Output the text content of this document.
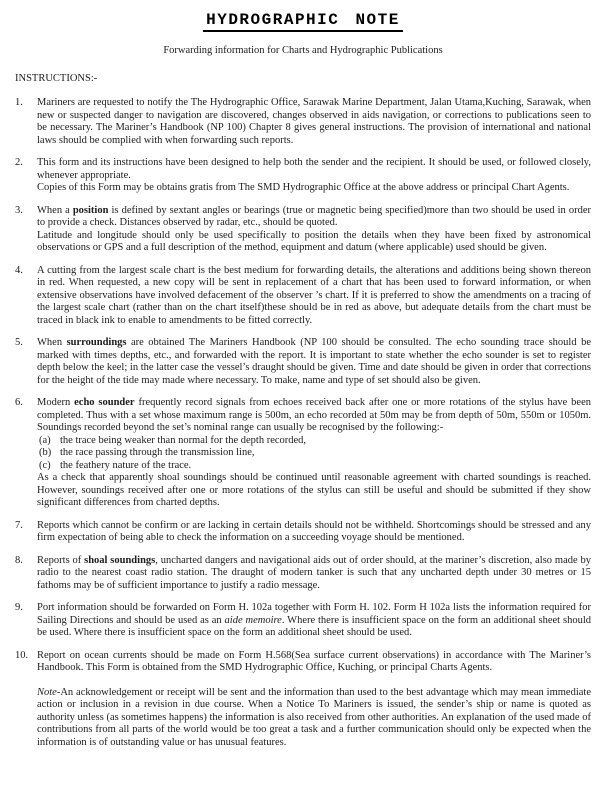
HYDROGRAPHIC NOTE
Forwarding information for Charts and Hydrographic Publications
INSTRUCTIONS:-
1.	Mariners are requested to notify the The Hydrographic Office, Sarawak Marine Department, Jalan Utama,Kuching, Sarawak, when new or suspected danger to navigation are discovered, changes observed in aids navigation, or corrections to publications seen to be necessary. The Mariner’s Handbook (NP 100) Chapter 8 gives general instructions. The provision of international and national laws should be complied with when forwarding such reports.
2.	This form and its instructions have been designed to help both the sender and the recipient. It should be used, or followed closely, whenever appropriate.
Copies of this Form may be obtains gratis from The SMD Hydrographic Office at the above address or principal Chart Agents.
3.	When a position is defined by sextant angles or bearings (true or magnetic being specified)more than two should be used in order to provide a check. Distances observed by radar, etc., should be quoted.
Latitude and longitude should only be used specifically to position the details when they have been fixed by astronomical observations or GPS and a full description of the method, equipment and datum (where applicable) used should be given.
4.	A cutting from the largest scale chart is the best medium for forwarding details, the alterations and additions being shown thereon in red. When requested, a new copy will be sent in replacement of a chart that has been used to forward information, or when extensive observations have involved defacement of the observer ’s chart. If it is preferred to show the amendments on a tracing of the largest scale chart (rather than on the chart itself)these should be in red as above, but adequate details from the chart must be traced in black ink to enable to amendments to be fitted correctly.
5.	When surroundings are obtained The Mariners Handbook (NP 100 should be consulted. The echo sounding trace should be marked with times depths, etc., and forwarded with the report. It is important to state whether the echo sounder is set to register depth below the keel; in the latter case the vessel’s draught should be given. Time and date should be given in order that corrections for the height of the tide may made where necessary. To make, name and type of set should also be given.
6.	Modern echo sounder frequently record signals from echoes received back after one or more rotations of the stylus have been completed. Thus with a set whose maximum range is 500m, an echo recorded at 50m may be from depth of 50m, 550m or 1050m. Soundings recorded beyond the set’s nominal range can usually be recognised by the following:-
(a) the trace being weaker than normal for the depth recorded,
(b) the race passing through the transmission line,
(c) the feathery nature of the trace.
As a check that apparently shoal soundings should be continued until reasonable agreement with charted soundings is reached. However, soundings received after one or more rotations of the stylus can still be useful and should be submitted if they show significant differences from charted depths.
7.	Reports which cannot be confirm or are lacking in certain details should not be withheld. Shortcomings should be stressed and any firm expectation of being able to check the information on a succeeding voyage should be mentioned.
8.	Reports of shoal soundings, uncharted dangers and navigational aids out of order should, at the mariner’s discretion, also made by radio to the nearest coast radio station. The draught of modern tanker is such that any uncharted depth under 30 metres or 15 fathoms may be of sufficient importance to justify a radio message.
9.	Port information should be forwarded on Form H. 102a together with Form H. 102. Form H 102a lists the information required for Sailing Directions and should be used as an aide memoire. Where there is insufficient space on the form an additional sheet should be used. Where there is insufficient space on the form an additional sheet should be used.
10. Report on ocean currents should be made on Form H.568(Sea surface current observations) in accordance with The Mariner’s Handbook. This Form is obtained from the SMD Hydrographic Office, Kuching, or principal Charts Agents.
Note-An acknowledgement or receipt will be sent and the information than used to the best advantage which may mean immediate action or inclusion in a revision in due course. When a Notice To Mariners is issued, the sender’s ship or name is quoted as authority unless (as sometimes happens) the information is also received from other authorities. An explanation of the used made of contributions from all parts of the world would be too great a task and a further communication should only be expected when the information is of outstanding value or has unusual features.
